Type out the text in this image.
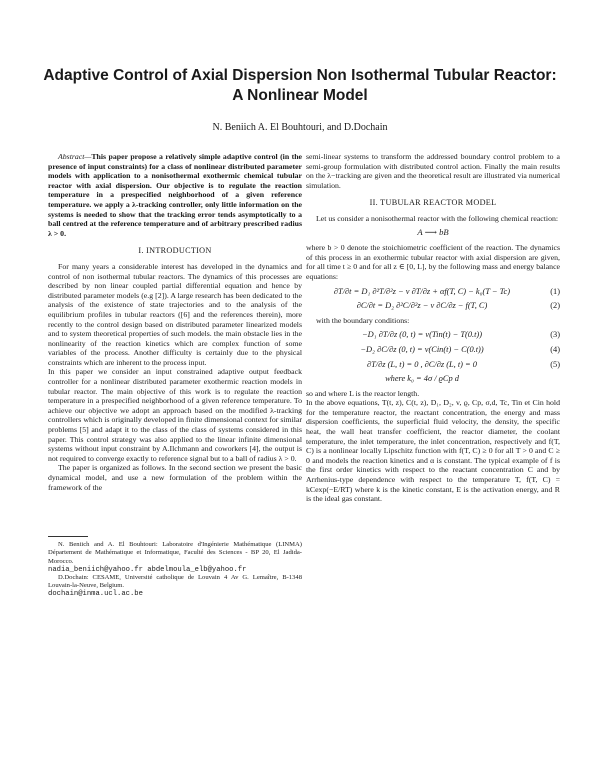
Adaptive Control of Axial Dispersion Non Isothermal Tubular Reactor: A Nonlinear Model
N. Beniich A. El Bouhtouri, and D.Dochain

Abstract—This paper propose a relatively simple adaptive control (in the presence of input constraints) for a class of nonlinear distributed parameter models with application to a nonisothermal exothermic chemical tubular reactor with axial dispersion. Our objective is to regulate the reaction temperature in a prespecified neighborhood of a given reference temperature. we apply a λ-tracking controller, only little information on the systems is needed to show that the tracking error tends asymptotically to a ball centred at the reference temperature and of arbitrary prescribed radius λ > 0.

I. INTRODUCTION

For many years a considerable interest has developed in the dynamics and control of non isothermal tubular reactors. The dynamics of this processes are described by non linear coupled partial differential equation and hence by distributed parameter models (e.g [2]). A large research has been dedicated to the analysis of the existence of state trajectories and to the analysis of the equilibrium profiles in tubular reactors ([6] and the references therein), more recently to the control design based on distributed parameter linearized models and to system theoretical properties of such models. the main obstacle lies in the nonlinearity of the reaction kinetics which are complex function of some variables of the process. Another difficulty is certainly due to the physical constraints which are inherent to the process input.

In this paper we consider an input constrained adaptive output feedback controller for a nonlinear distributed parameter exothermic reaction models in tubular reactor. The main objective of this work is to regulate the reaction temperature in a prespecified neighborhood of a given reference temperature. To achieve our objective we adopt an approach based on the modified λ-tracking controllers which is originally developed in finite dimensional context for similar problems [5] and adapt it to the class of the class of systems considered in this paper. This control strategy was also applied to the linear infinite dimensional systems without input constraint by A.Ilchmann and coworkers [4], the output is not required to converge exactly to reference signal but to a ball of radius λ > 0.

The paper is organized as follows. In the second section we present the basic dynamical model, and use a new formulation of the problem within the framework of the

N. Beniich and A. El Bouhtouri: Laboratoire d'Ingénierie Mathématique (LINMA) Département de Mathématique et Informatique, Faculté des Sciences - BP 20, El Jadida- Morocco.

nadia_beniich@yahoo.fr abdelmoula_elb@yahoo.fr

D.Dochain: CESAME, Université catholique de Louvain 4 Av G. Lemaître, B-1348 Louvain-la-Neuve, Belgium.

dochain@inma.ucl.ac.be

semi-linear systems to transform the addressed boundary control problem to a semi-group formulation with distributed control action. Finally the main results on the λ−tracking are given and the theoretical result are illustrated via numerical simulation.

II. TUBULAR REACTOR MODEL

Let us consider a nonisothermal reactor with the following chemical reaction:

A ⟶ bB

where b > 0 denote the stoichiometric coefficient of the reaction. The dynamics of this process in an exothermic tubular reactor with axial dispersion are given, for all time t ≥ 0 and for all z ∈ [0, L], by the following mass and energy balance equations:

∂T/∂t = D₁ ∂²T/∂²z − v ∂T/∂z + αf(T, C) − k₀(T − Tc)	(1)
∂C/∂t = D₂ ∂²C/∂²z − v ∂C/∂z − f(T, C)	(2)

with the boundary conditions:

−D₁ ∂T/∂z (0, t) = v(Tin(t) − T(0.t))	(3)
−D₂ ∂C/∂z (0, t) = v(Cin(t) − C(0.t))	(4)
∂T/∂z (L, t) = 0 , ∂C/∂z (L, t) = 0	(5)
where k₀ = 4σ / ϱCp d

so and where L is the reactor length.

In the above equations, T(t, z), C(t, z), D₁, D₂, v, ϱ, Cp, σ,d, Tc, Tin et Cin hold for the temperature reactor, the reactant concentration, the energy and mass dispersion coefficients, the superficial fluid velocity, the density, the specific heat, the wall heat transfer coefficient, the reactor diameter, the coolant temperature, the inlet temperature, the inlet concentration, respectively and f(T, C) is a nonlinear locally Lipschitz function with f(T, C) ≥ 0 for all T > 0 and C ≥ 0 and models the reaction kinetics and α is constant. The typical example of f is the first order kinetics with respect to the reactant concentration C and by Arrhenius-type dependence with respect to the temperature T, f(T, C) = kCexp(−E/RT) where k is the kinetic constant, E is the activation energy, and R is the ideal gas constant.
